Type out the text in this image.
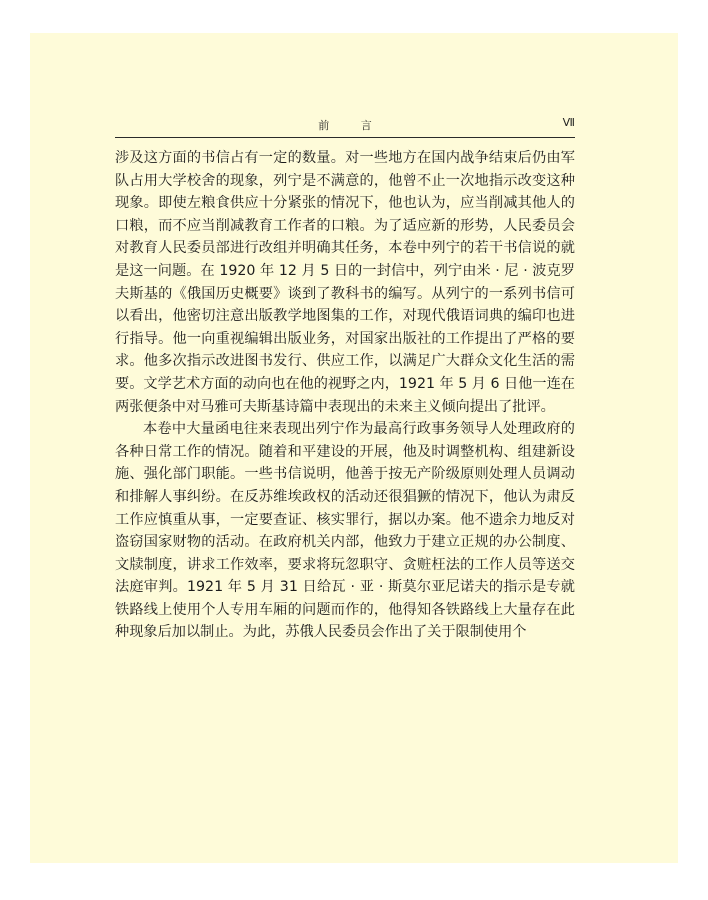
前 言	Ⅶ

涉及这方面的书信占有一定的数量。对一些地方在国内战争结束后仍由军队占用大学校舍的现象，列宁是不满意的，他曾不止一次地指示改变这种现象。即使左粮食供应十分紧张的情况下，他也认为，应当削减其他人的口粮，而不应当削减教育工作者的口粮。为了适应新的形势，人民委员会对教育人民委员部进行改组并明确其任务，本卷中列宁的若干书信说的就是这一问题。在 1920 年 12 月 5 日的一封信中，列宁由米 · 尼 · 波克罗夫斯基的《俄国历史概要》谈到了教科书的编写。从列宁的一系列书信可以看出，他密切注意出版教学地图集的工作，对现代俄语词典的编印也进行指导。他一向重视编辑出版业务，对国家出版社的工作提出了严格的要求。他多次指示改进图书发行、供应工作，以满足广大群众文化生活的需要。文学艺术方面的动向也在他的视野之内，1921 年 5 月 6 日他一连在两张便条中对马雅可夫斯基诗篇中表现出的未来主义倾向提出了批评。

本卷中大量函电往来表现出列宁作为最高行政事务领导人处理政府的各种日常工作的情况。随着和平建设的开展，他及时调整机构、组建新设施、强化部门职能。一些书信说明，他善于按无产阶级原则处理人员调动和排解人事纠纷。在反苏维埃政权的活动还很猖獗的情况下，他认为肃反工作应慎重从事，一定要查证、核实罪行，据以办案。他不遗余力地反对盗窃国家财物的活动。在政府机关内部，他致力于建立正规的办公制度、文牍制度，讲求工作效率，要求将玩忽职守、贪赃枉法的工作人员等送交法庭审判。1921 年 5 月 31 日给瓦 · 亚 · 斯莫尔亚尼诺夫的指示是专就铁路线上使用个人专用车厢的问题而作的，他得知各铁路线上大量存在此种现象后加以制止。为此，苏俄人民委员会作出了关于限制使用个
